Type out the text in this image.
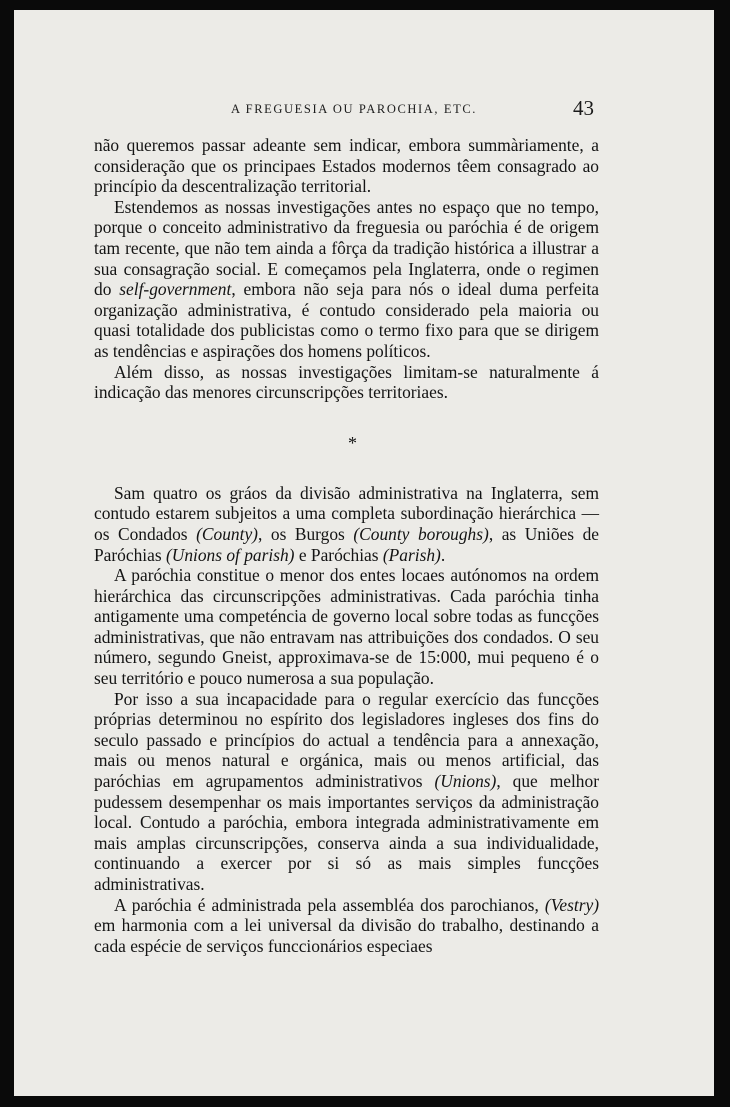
A FREGUESIA OU PAROCHIA, ETC.	43

não queremos passar adeante sem indicar, embora summàriamente, a consideração que os principaes Estados modernos têem consagrado ao princípio da descentralização territorial.

Estendemos as nossas investigações antes no espaço que no tempo, porque o conceito administrativo da freguesia ou paróchia é de origem tam recente, que não tem ainda a fôrça da tradição histórica a illustrar a sua consagração social. E começamos pela Inglaterra, onde o regimen do self-government, embora não seja para nós o ideal duma perfeita organização administrativa, é contudo considerado pela maioria ou quasi totalidade dos publicistas como o termo fixo para que se dirigem as tendências e aspirações dos homens políticos.

Além disso, as nossas investigações limitam-se naturalmente á indicação das menores circunscripções territoriaes.

*

Sam quatro os gráos da divisão administrativa na Inglaterra, sem contudo estarem subjeitos a uma completa subordinação hierárchica — os Condados (County), os Burgos (County boroughs), as Uniões de Paróchias (Unions of parish) e Paróchias (Parish).

A paróchia constitue o menor dos entes locaes autónomos na ordem hierárchica das circunscripções administrativas. Cada paróchia tinha antigamente uma competéncia de governo local sobre todas as funcções administrativas, que não entravam nas attribuições dos condados. O seu número, segundo Gneist, approximava-se de 15:000, mui pequeno é o seu território e pouco numerosa a sua população.

Por isso a sua incapacidade para o regular exercício das funcções próprias determinou no espírito dos legisladores ingleses dos fins do seculo passado e princípios do actual a tendência para a annexação, mais ou menos natural e orgánica, mais ou menos artificial, das paróchias em agrupamentos administrativos (Unions), que melhor pudessem desempenhar os mais importantes serviços da administração local. Contudo a paróchia, embora integrada administrativamente em mais amplas circunscripções, conserva ainda a sua individualidade, continuando a exercer por si só as mais simples funcções administrativas.

A paróchia é administrada pela assembléa dos parochianos, (Vestry) em harmonia com a lei universal da divisão do trabalho, destinando a cada espécie de serviços funccionários especiaes
